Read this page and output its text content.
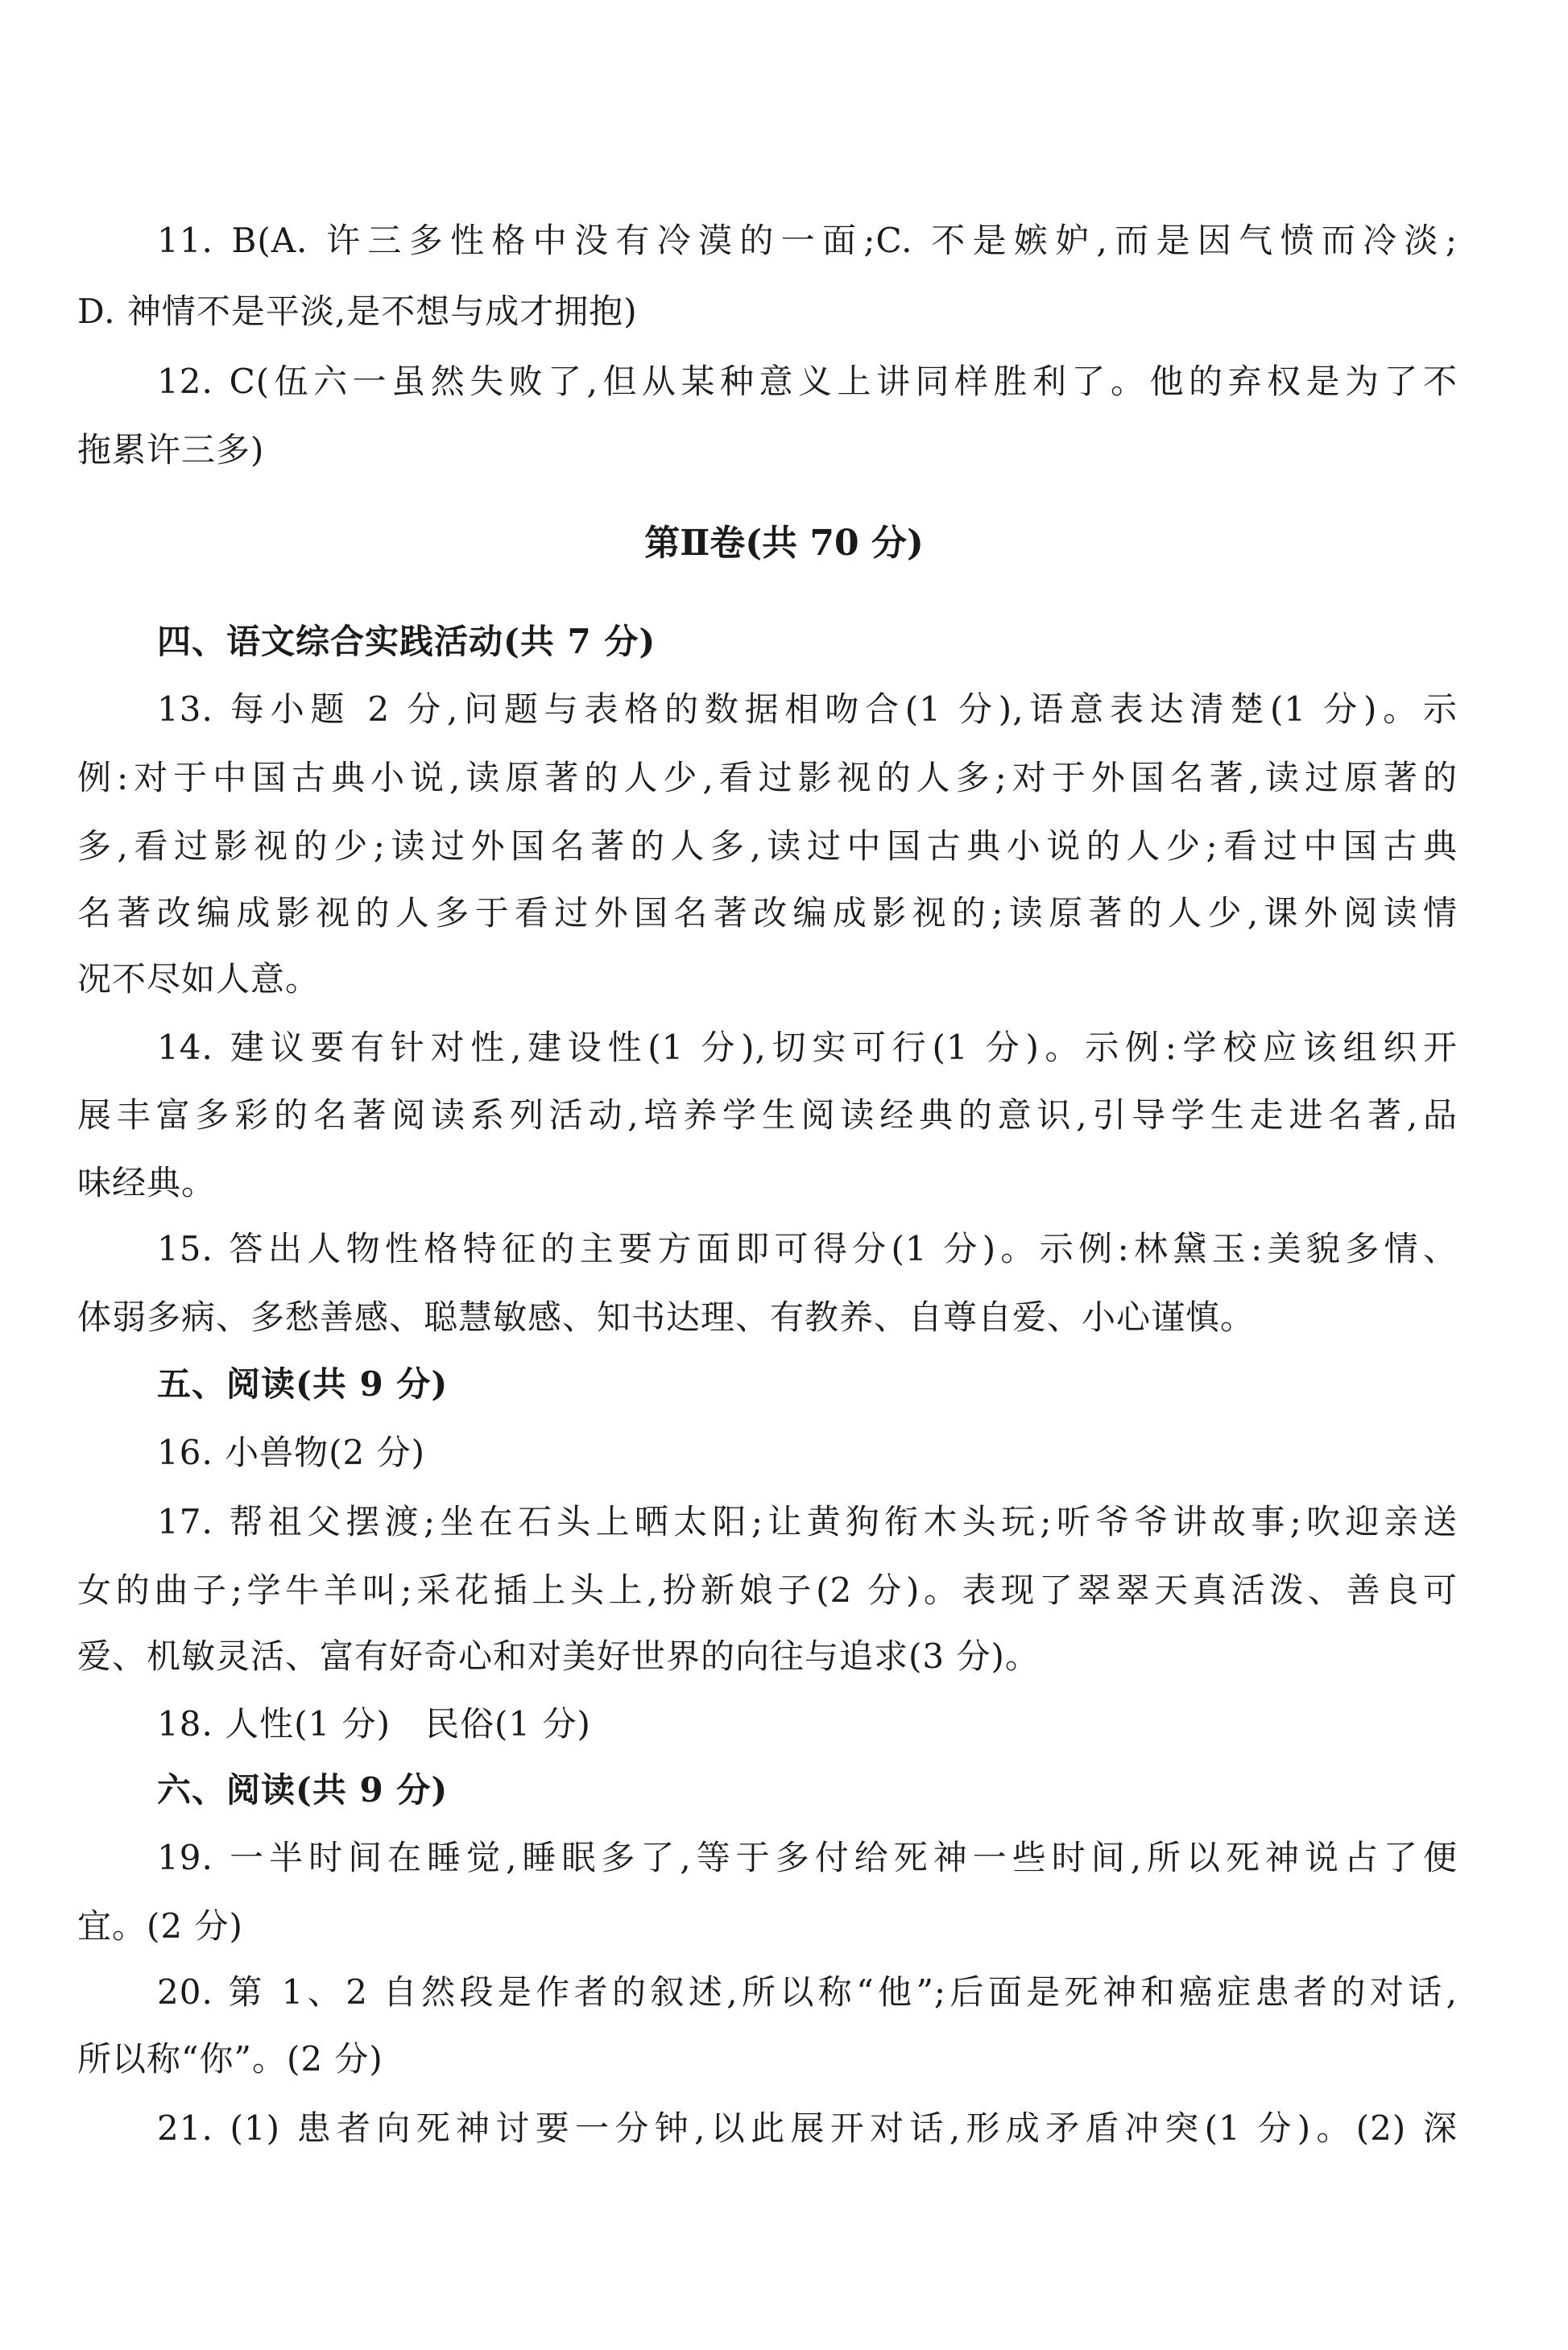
11. B(A. 许三多性格中没有冷漠的一面;C. 不是嫉妒,而是因气愤而冷淡;
D. 神情不是平淡,是不想与成才拥抱)
12. C(伍六一虽然失败了,但从某种意义上讲同样胜利了。他的弃权是为了不
拖累许三多)
第Ⅱ卷(共 70 分)
四、语文综合实践活动(共 7 分)
13. 每小题 2 分,问题与表格的数据相吻合(1 分),语意表达清楚(1 分)。示
例:对于中国古典小说,读原著的人少,看过影视的人多;对于外国名著,读过原著的
多,看过影视的少;读过外国名著的人多,读过中国古典小说的人少;看过中国古典
名著改编成影视的人多于看过外国名著改编成影视的;读原著的人少,课外阅读情
况不尽如人意。
14. 建议要有针对性,建设性(1 分),切实可行(1 分)。示例:学校应该组织开
展丰富多彩的名著阅读系列活动,培养学生阅读经典的意识,引导学生走进名著,品
味经典。
15. 答出人物性格特征的主要方面即可得分(1 分)。示例:林黛玉:美貌多情、
体弱多病、多愁善感、聪慧敏感、知书达理、有教养、自尊自爱、小心谨慎。
五、阅读(共 9 分)
16. 小兽物(2 分)
17. 帮祖父摆渡;坐在石头上晒太阳;让黄狗衔木头玩;听爷爷讲故事;吹迎亲送
女的曲子;学牛羊叫;采花插上头上,扮新娘子(2 分)。表现了翠翠天真活泼、善良可
爱、机敏灵活、富有好奇心和对美好世界的向往与追求(3 分)。
18. 人性(1 分)　民俗(1 分)
六、阅读(共 9 分)
19. 一半时间在睡觉,睡眠多了,等于多付给死神一些时间,所以死神说占了便
宜。(2 分)
20. 第 1、2 自然段是作者的叙述,所以称“他”;后面是死神和癌症患者的对话,
所以称“你”。(2 分)
21. (1) 患者向死神讨要一分钟,以此展开对话,形成矛盾冲突(1 分)。(2) 深
